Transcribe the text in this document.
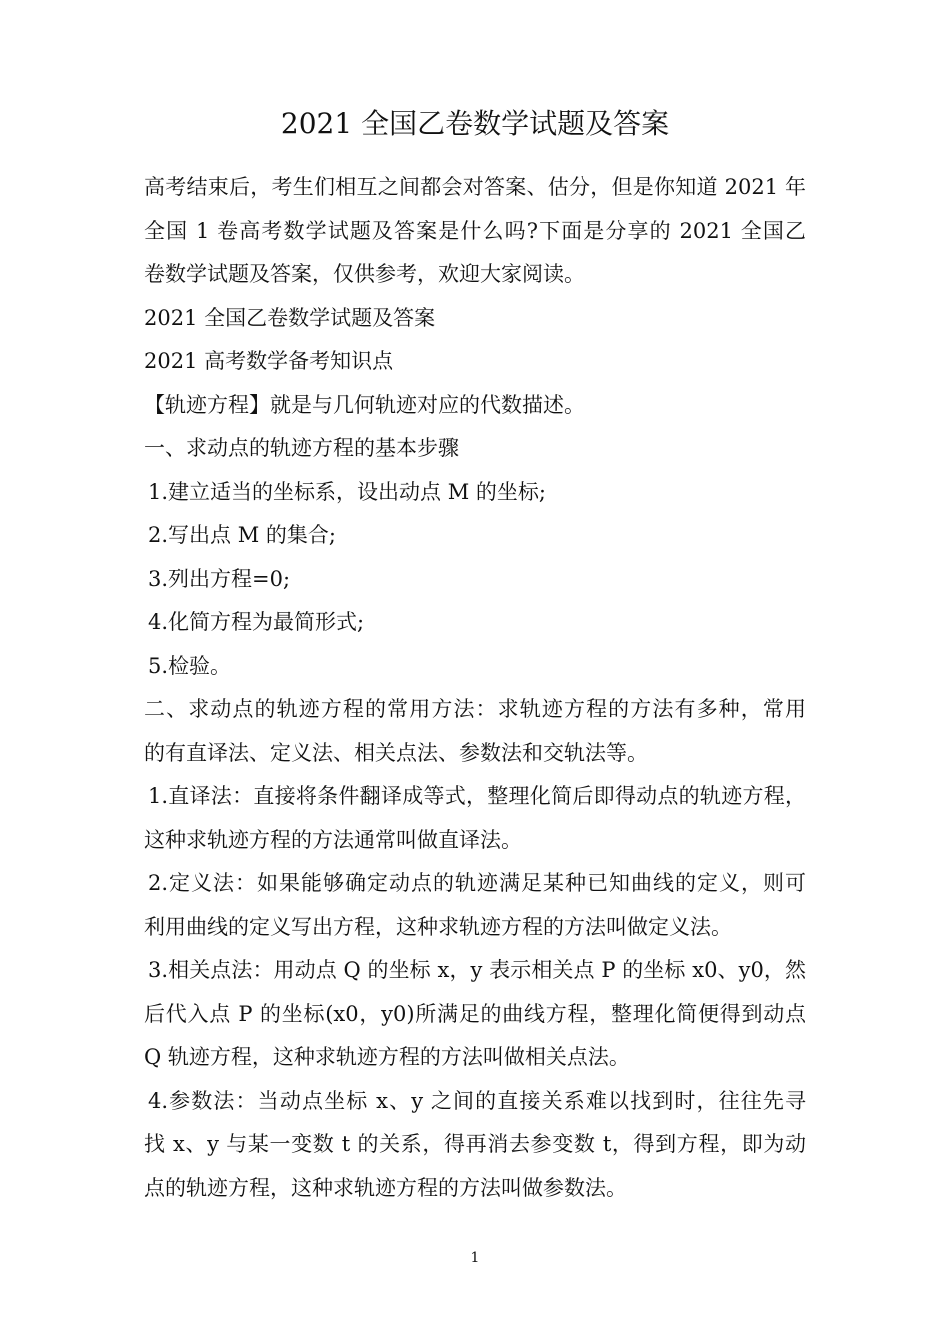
2021 全国乙卷数学试题及答案
高考结束后，考生们相互之间都会对答案、估分，但是你知道 2021 年
全国 1 卷高考数学试题及答案是什么吗?下面是分享的 2021 全国乙
卷数学试题及答案，仅供参考，欢迎大家阅读。
2021 全国乙卷数学试题及答案
2021 高考数学备考知识点
【轨迹方程】就是与几何轨迹对应的代数描述。
一、求动点的轨迹方程的基本步骤
1.建立适当的坐标系，设出动点 M 的坐标;
2.写出点 M 的集合;
3.列出方程=0;
4.化简方程为最简形式;
5.检验。
二、求动点的轨迹方程的常用方法：求轨迹方程的方法有多种，常用
的有直译法、定义法、相关点法、参数法和交轨法等。
1.直译法：直接将条件翻译成等式，整理化简后即得动点的轨迹方程，
这种求轨迹方程的方法通常叫做直译法。
2.定义法：如果能够确定动点的轨迹满足某种已知曲线的定义，则可
利用曲线的定义写出方程，这种求轨迹方程的方法叫做定义法。
3.相关点法：用动点 Q 的坐标 x，y 表示相关点 P 的坐标 x0、y0，然
后代入点 P 的坐标(x0，y0)所满足的曲线方程，整理化简便得到动点
Q 轨迹方程，这种求轨迹方程的方法叫做相关点法。
4.参数法：当动点坐标 x、y 之间的直接关系难以找到时，往往先寻
找 x、y 与某一变数 t 的关系，得再消去参变数 t，得到方程，即为动
点的轨迹方程，这种求轨迹方程的方法叫做参数法。
1
